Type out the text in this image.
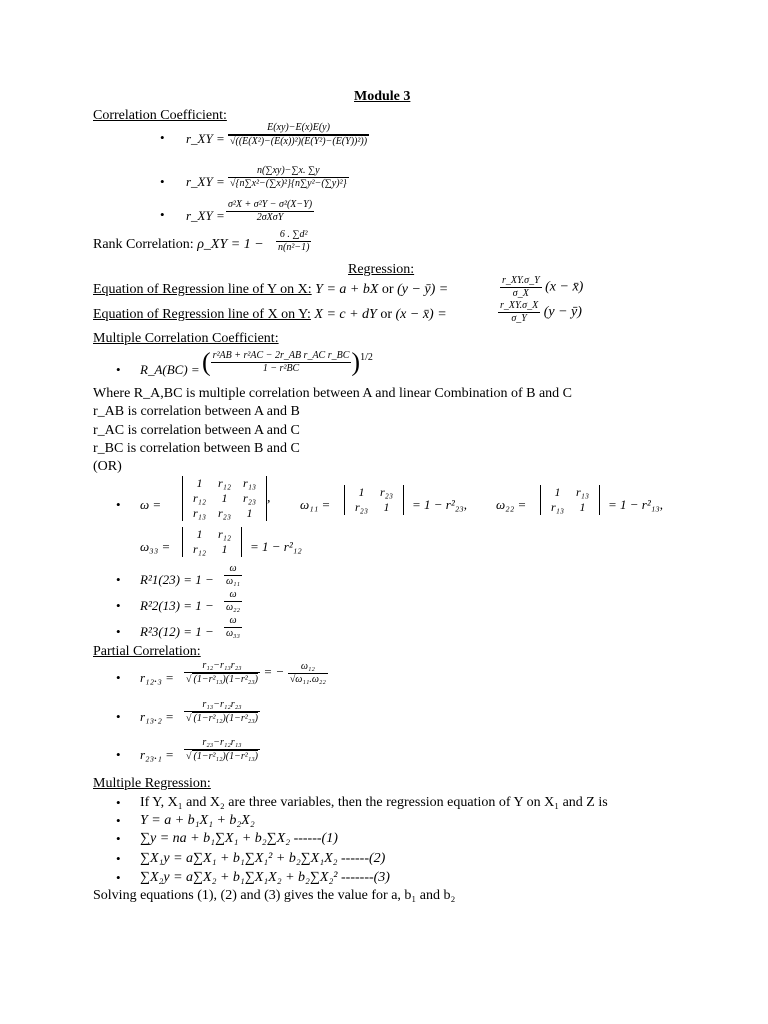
Module 3
Correlation Coefficient:
• r_XY = $\frac{E(xy)-E(x)E(y)}{\text{√((E(X²)−(E(x))²)(E(Y²)−(E(Y))²))}}$
• r_XY = $\frac{n(\sum xy)-\sum x. \sum y}{\text{√\{n∑x²−(∑x)²\}\{n∑y²−(∑y)²\}}}$
• r_XY = $\frac{\text{σ²X + σ²Y − σ²(X−Y)}}{\text{2σXσY}}$
Rank Correlation: ρ_XY = $1 - \frac{\text{6 . ∑d²}}{\text{n(n²−1)}}$
Regression:
Equation of Regression line of Y on X: Y = a + bX or (y − ȳ) =	$\frac{r\_XY.\sigma\_Y}{\sigma\_X} (x$ − x̄)
Equation of Regression line of X on Y: X = c + dY or (x − x̄) =	$\frac{r\_XY.\sigma\_X}{\sigma\_Y} (y$ − ȳ)
Multiple Correlation Coefficient:
• R_A(BC) = ( $\frac{\text{r²AB + r²AC − 2r\_AB r\_AC r\_BC}}{\text{1 − r²BC}} )^{1/2}$
Where R_A,BC is multiple correlation between A and linear Combination of B and C
r_AB is correlation between A and B
r_AC is correlation between A and C
r_BC is correlation between B and C
(OR)
• ω =
1	r₁₂	r₁₃
r₁₂	1	r₂₃
r₁₃	r₂₃	1
, ω₁₁ =
1	r₂₃
r₂₃	1 = 1 − r²₂₃, ω₂₂ =
1	r₁₃
r₁₃	1 = 1 − r²₁₃,
ω₃₃ =
1	r₁₂
r₁₂	1 = 1 − r²₁₂
• $R^21(23) = 1 - \frac{\omega}{\text{ω₁₁}}$
• $R^22(13) = 1 - \frac{\omega}{\text{ω₂₂}}$
• $R^23(12) = 1 - \frac{\omega}{\text{ω₃₃}}$
Partial Correlation:
• $r_{12}._3 = \frac{\text{r₁₂−r₁₃r₂₃}}{\text{√ (1−r²₁₃)(1−r²₂₃)}}$ = − $\frac{\text{ω₁₂}}{\text{√ω₁₁.ω₂₂}}$
• $r_{13}._2 = \frac{\text{r₁₃−r₁₂r₂₃}}{\text{√ (1−r²₁₂)(1−r²₂₃)}}$
• $r_{23}._1 = \frac{\text{r₂₃−r₁₂r₁₃}}{\text{√ (1−r²₁₂)(1−r²₁₃)}}$
Multiple Regression:
• If Y, X₁ and X₂ are three variables, then the regression equation of Y on X₁ and Z is
• Y = a + b₁X₁ + b₂X₂
• ∑y = na + b₁∑X₁ + b₂∑X₂ ------(1)
• ∑X₁y = a∑X₁ + b₁∑X₁² + b₂∑X₁X₂ ------(2)
• ∑X₂y = a∑X₂ + b₁∑X₁X₂ + b₂∑X₂² -------(3)
Solving equations (1), (2) and (3) gives the value for a, b₁ and b₂
